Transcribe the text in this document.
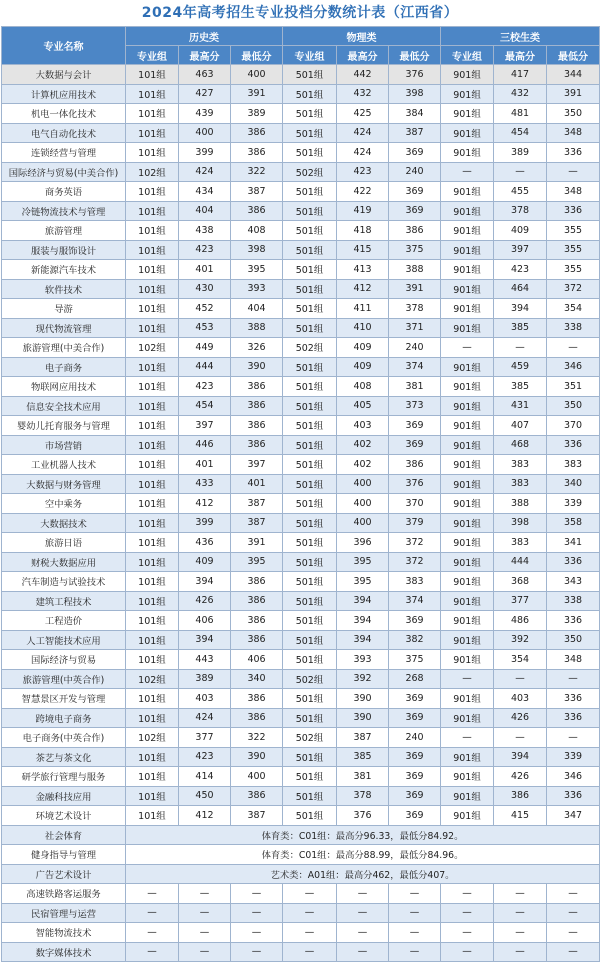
2024年高考招生专业投档分数统计表（江西省）
专业名称	历史类			物理类			三校生类		
	专业组	最高分	最低分	专业组	最高分	最低分	专业组	最高分	最低分
大数据与会计	101组	463	400	501组	442	376	901组	417	344
计算机应用技术	101组	427	391	501组	432	398	901组	432	391
机电一体化技术	101组	439	389	501组	425	384	901组	481	350
电气自动化技术	101组	400	386	501组	424	387	901组	454	348
连锁经营与管理	101组	399	386	501组	424	369	901组	389	336
国际经济与贸易(中美合作)	102组	424	322	502组	423	240	—	—	—
商务英语	101组	434	387	501组	422	369	901组	455	348
冷链物流技术与管理	101组	404	386	501组	419	369	901组	378	336
旅游管理	101组	438	408	501组	418	386	901组	409	355
服装与服饰设计	101组	423	398	501组	415	375	901组	397	355
新能源汽车技术	101组	401	395	501组	413	388	901组	423	355
软件技术	101组	430	393	501组	412	391	901组	464	372
导游	101组	452	404	501组	411	378	901组	394	354
现代物流管理	101组	453	388	501组	410	371	901组	385	338
旅游管理(中美合作)	102组	449	326	502组	409	240	—	—	—
电子商务	101组	444	390	501组	409	374	901组	459	346
物联网应用技术	101组	423	386	501组	408	381	901组	385	351
信息安全技术应用	101组	454	386	501组	405	373	901组	431	350
婴幼儿托育服务与管理	101组	397	386	501组	403	369	901组	407	370
市场营销	101组	446	386	501组	402	369	901组	468	336
工业机器人技术	101组	401	397	501组	402	386	901组	383	383
大数据与财务管理	101组	433	401	501组	400	376	901组	383	340
空中乘务	101组	412	387	501组	400	370	901组	388	339
大数据技术	101组	399	387	501组	400	379	901组	398	358
旅游日语	101组	436	391	501组	396	372	901组	383	341
财税大数据应用	101组	409	395	501组	395	372	901组	444	336
汽车制造与试验技术	101组	394	386	501组	395	383	901组	368	343
建筑工程技术	101组	426	386	501组	394	374	901组	377	338
工程造价	101组	406	386	501组	394	369	901组	486	336
人工智能技术应用	101组	394	386	501组	394	382	901组	392	350
国际经济与贸易	101组	443	406	501组	393	375	901组	354	348
旅游管理(中英合作)	102组	389	340	502组	392	268	—	—	—
智慧景区开发与管理	101组	403	386	501组	390	369	901组	403	336
跨境电子商务	101组	424	386	501组	390	369	901组	426	336
电子商务(中英合作)	102组	377	322	502组	387	240	—	—	—
茶艺与茶文化	101组	423	390	501组	385	369	901组	394	339
研学旅行管理与服务	101组	414	400	501组	381	369	901组	426	346
金融科技应用	101组	450	386	501组	378	369	901组	386	336
环境艺术设计	101组	412	387	501组	376	369	901组	415	347
社会体育	体育类：C01组：最高分96.33，最低分84.92。								
健身指导与管理	体育类：C01组：最高分88.99，最低分84.96。								
广告艺术设计	艺术类：A01组：最高分462，最低分407。								
高速铁路客运服务	—	—	—	—	—	—	—	—	—
民宿管理与运营	—	—	—	—	—	—	—	—	—
智能物流技术	—	—	—	—	—	—	—	—	—
数字媒体技术	—	—	—	—	—	—	—	—	—
